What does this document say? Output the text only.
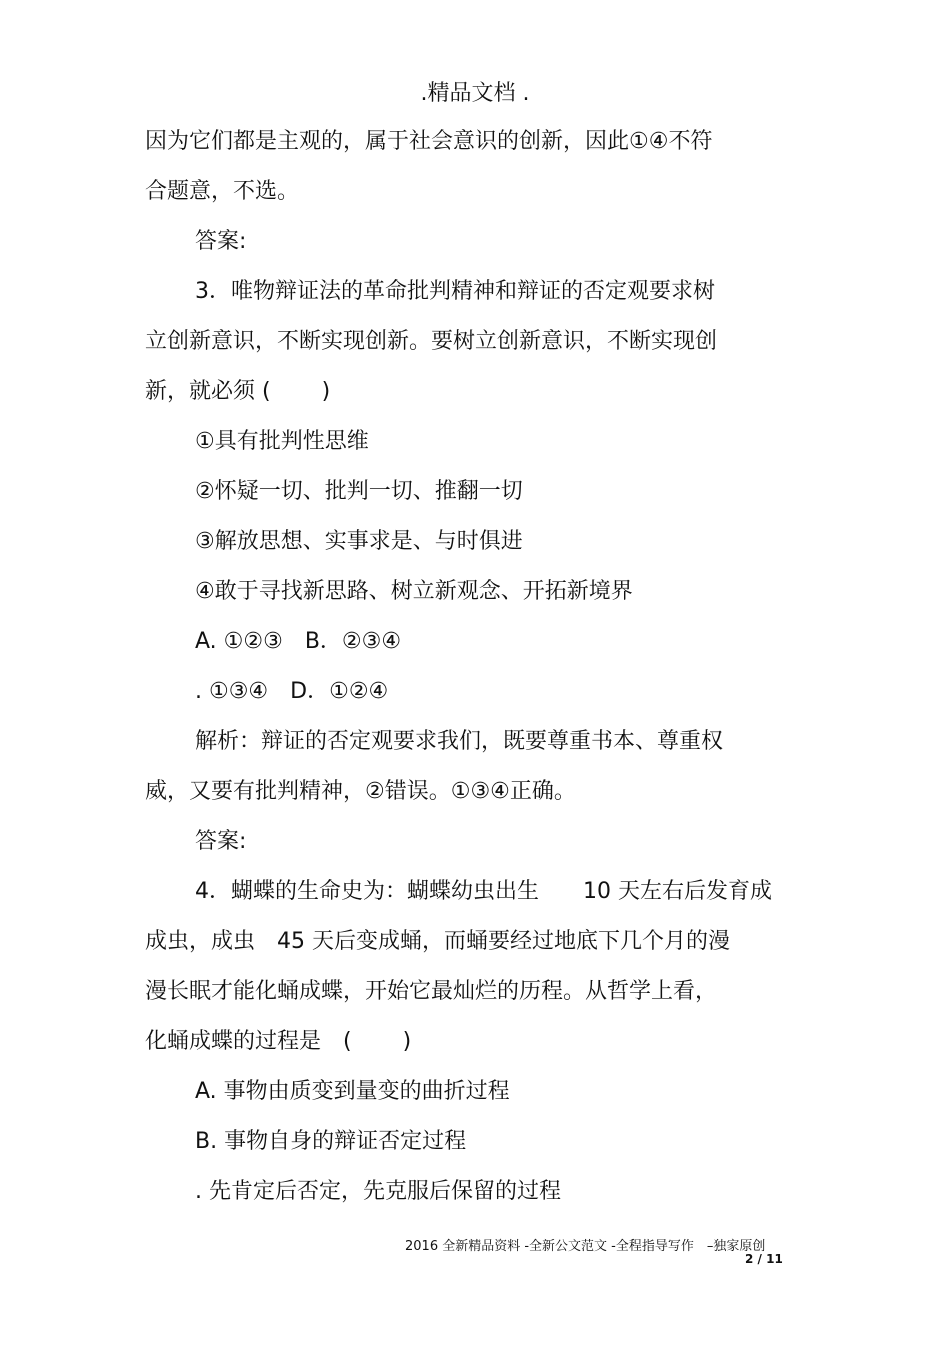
.精品文档 .
因为它们都是主观的，属于社会意识的创新，因此①④不符
合题意，不选。
答案:
3．唯物辩证法的革命批判精神和辩证的否定观要求树
立创新意识，不断实现创新。要树立创新意识，不断实现创
新，就必须 (　　 )
①具有批判性思维
②怀疑一切、批判一切、推翻一切
③解放思想、实事求是、与时俱进
④敢于寻找新思路、树立新观念、开拓新境界
A. ①②③　B．②③④
. ①③④　D．①②④
解析：辩证的否定观要求我们，既要尊重书本、尊重权
威，又要有批判精神，②错误。①③④正确。
答案:
4．蝴蝶的生命史为：蝴蝶幼虫出生　　10 天左右后发育成
成虫，成虫　45 天后变成蛹，而蛹要经过地底下几个月的漫
漫长眠才能化蛹成蝶，开始它最灿烂的历程。从哲学上看，
化蛹成蝶的过程是　(　　 )
A. 事物由质变到量变的曲折过程
B. 事物自身的辩证否定过程
. 先肯定后否定，先克服后保留的过程
2016 全新精品资料 -全新公文范文 -全程指导写作　–独家原创
2 / 11
